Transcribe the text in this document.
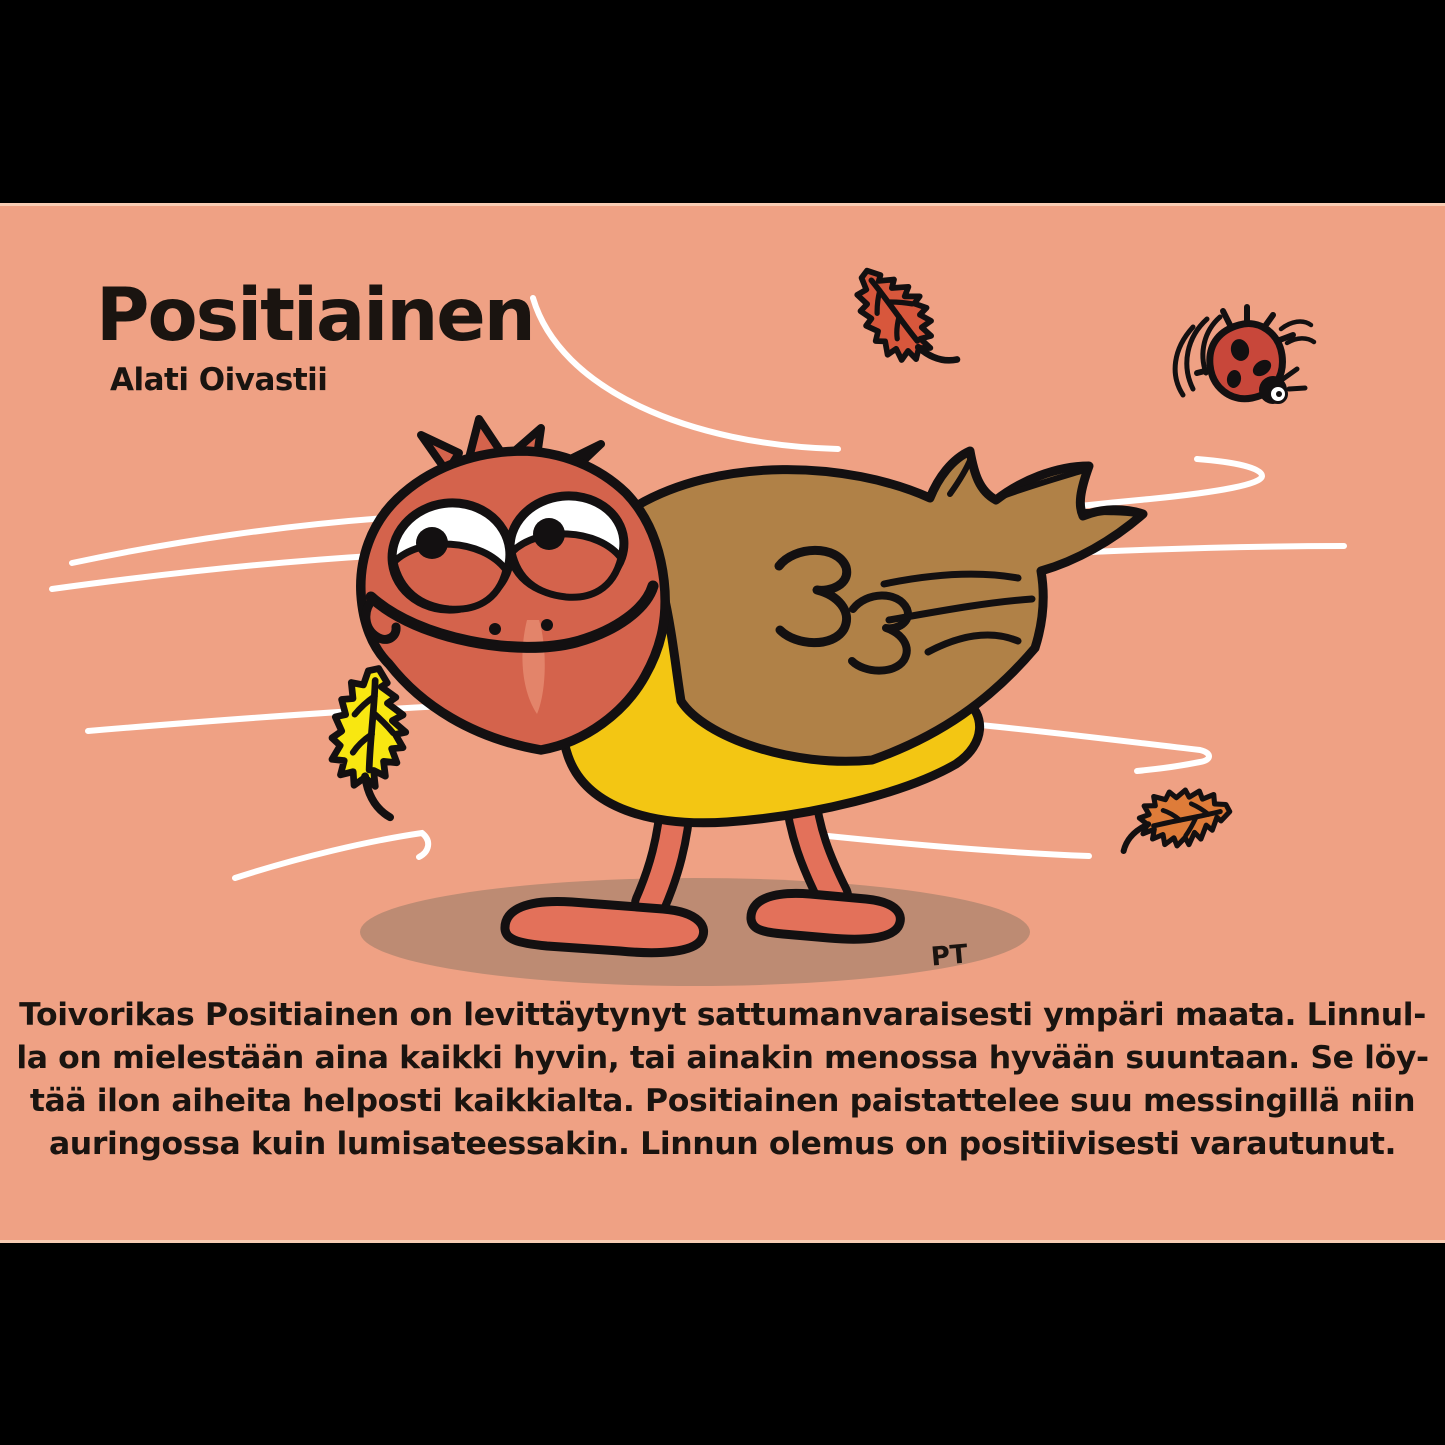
Positiainen
Alati Oivastii
Toivorikas Positiainen on levittäytynyt sattumanvaraisesti ympäri maata. Linnul-
la on mielestään aina kaikki hyvin, tai ainakin menossa hyvään suuntaan. Se löy-
tää ilon aiheita helposti kaikkialta. Positiainen paistattelee suu messingillä niin
auringossa kuin lumisateessakin. Linnun olemus on positiivisesti varautunut.
PT
